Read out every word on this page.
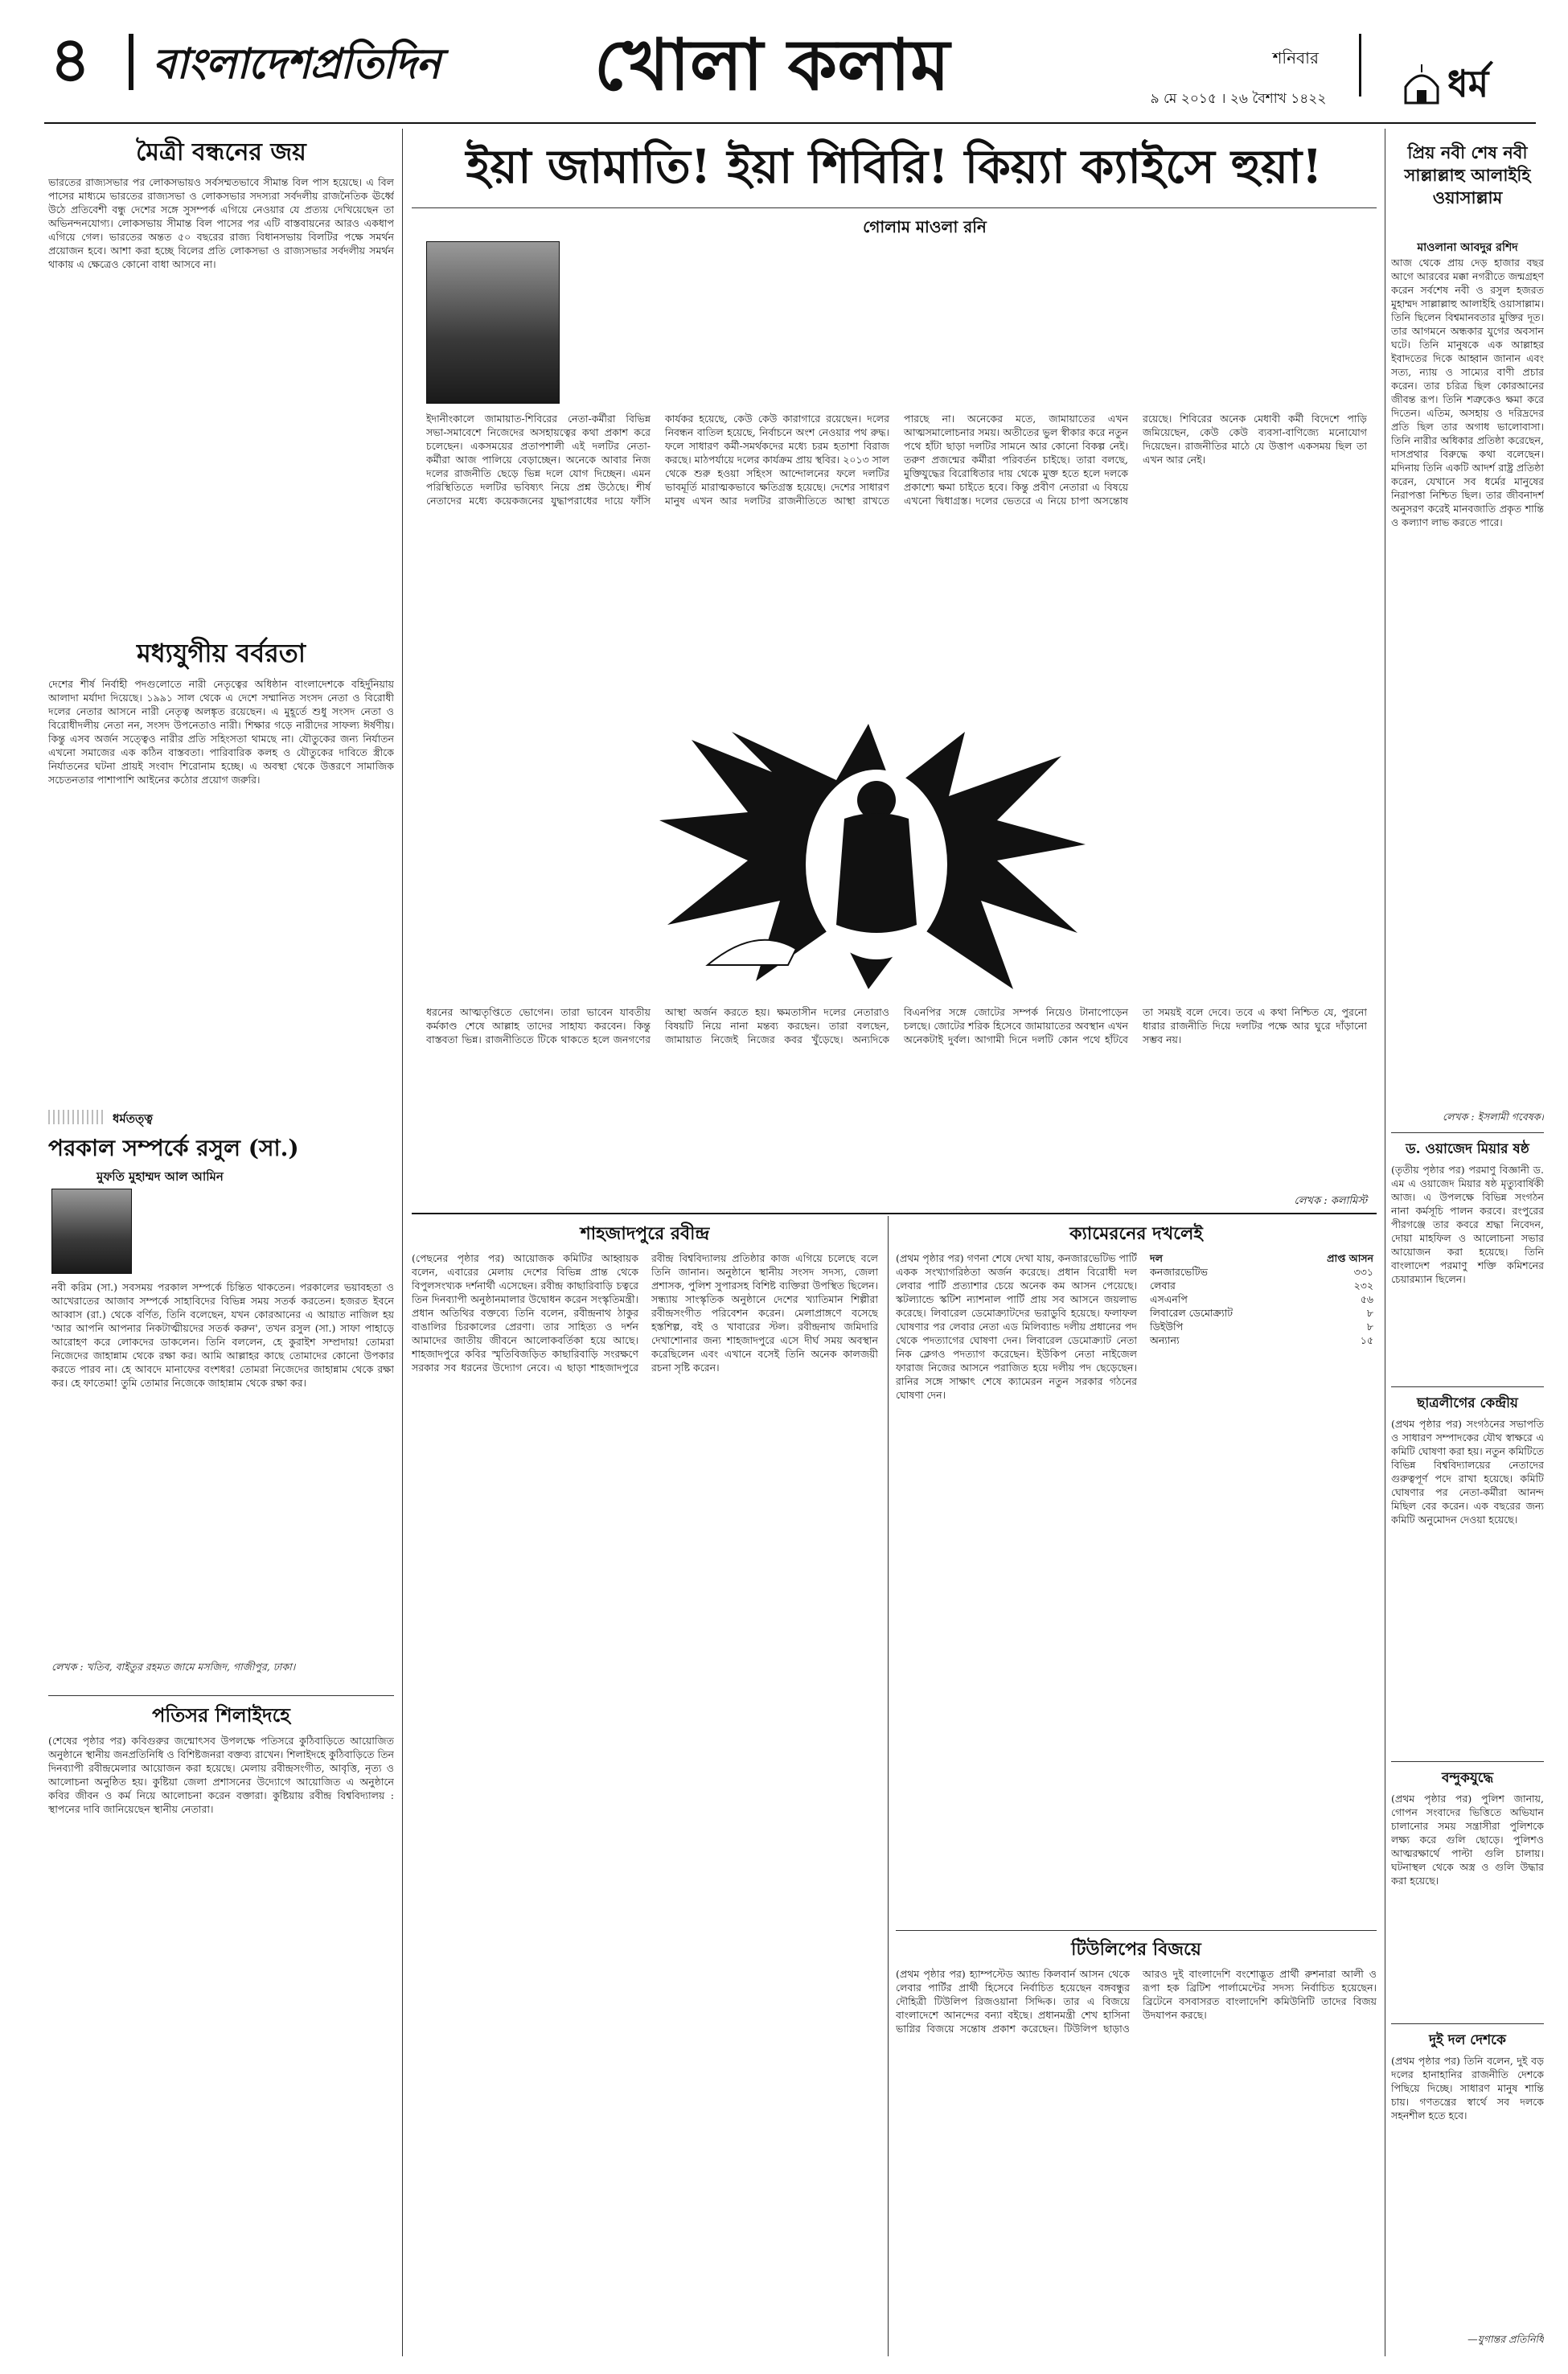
৪ বাংলাদেশপ্রতিদিন	খোলা কলাম	শনিবার
৯ মে ২০১৫ । ২৬ বৈশাখ ১৪২২	ধর্ম
মৈত্রী বন্ধনের জয়
ভারতের রাজ্যসভার পর লোকসভায়ও সর্বসম্মতভাবে সীমান্ত বিল পাস হয়েছে। এ বিল পাসের মাধ্যমে ভারতের রাজ্যসভা ও লোকসভার সদস্যরা সর্বদলীয় রাজনৈতিক ঊর্ধ্বে উঠে প্রতিবেশী বন্ধু দেশের সঙ্গে সুসম্পর্ক এগিয়ে নেওয়ার যে প্রত্যয় দেখিয়েছেন তা অভিনন্দনযোগ্য। লোকসভায় সীমান্ত বিল পাসের পর এটি বাস্তবায়নের আরও একধাপ এগিয়ে গেল। ভারতের অন্তত ৫০ বছরের রাজ্য বিধানসভায় বিলটির পক্ষে সমর্থন প্রয়োজন হবে। আশা করা হচ্ছে বিলের প্রতি লোকসভা ও রাজ্যসভার সর্বদলীয় সমর্থন থাকায় এ ক্ষেত্রেও কোনো বাধা আসবে না।
মধ্যযুগীয় বর্বরতা
দেশের শীর্ষ নির্বাহী পদগুলোতে নারী নেতৃত্বের অধিষ্ঠান বাংলাদেশকে বহির্দুনিয়ায় আলাদা মর্যাদা দিয়েছে। ১৯৯১ সাল থেকে এ দেশে সম্মানিত সংসদ নেতা ও বিরোধী দলের নেতার আসনে নারী নেতৃত্ব অলঙ্কৃত রয়েছেন। এ মুহূর্তে শুধু সংসদ নেতা ও বিরোধীদলীয় নেতা নন, সংসদ উপনেতাও নারী। শিক্ষার গড়ে নারীদের সাফল্য ঈর্ষণীয়। কিন্তু এসব অর্জন সত্ত্বেও নারীর প্রতি সহিংসতা থামছে না। যৌতুকের জন্য নির্যাতন এখনো সমাজের এক কঠিন বাস্তবতা। পারিবারিক কলহ ও যৌতুকের দাবিতে স্ত্রীকে নির্যাতনের ঘটনা প্রায়ই সংবাদ শিরোনাম হচ্ছে। এ অবস্থা থেকে উত্তরণে সামাজিক সচেতনতার পাশাপাশি আইনের কঠোর প্রয়োগ জরুরি।
ধর্মতত্ত্ব
পরকাল সম্পর্কে রসুল (সা.)
মুফতি মুহাম্মদ আল আমিন
নবী করিম (সা.) সবসময় পরকাল সম্পর্কে চিন্তিত থাকতেন। পরকালের ভয়াবহতা ও আখেরাতের আজাব সম্পর্কে সাহাবিদের বিভিন্ন সময় সতর্ক করতেন। হজরত ইবনে আব্বাস (রা.) থেকে বর্ণিত, তিনি বলেছেন, যখন কোরআনের এ আয়াত নাজিল হয় 'আর আপনি আপনার নিকটাত্মীয়দের সতর্ক করুন', তখন রসুল (সা.) সাফা পাহাড়ে আরোহণ করে লোকদের ডাকলেন। তিনি বললেন, হে কুরাইশ সম্প্রদায়! তোমরা নিজেদের জাহান্নাম থেকে রক্ষা কর। আমি আল্লাহর কাছে তোমাদের কোনো উপকার করতে পারব না। হে আবদে মানাফের বংশধর! তোমরা নিজেদের জাহান্নাম থেকে রক্ষা কর। হে ফাতেমা! তুমি তোমার নিজেকে জাহান্নাম থেকে রক্ষা কর।
লেখক : খতিব, বাইতুর রহমত জামে মসজিদ, গাজীপুর, ঢাকা।
পতিসর শিলাইদহে
(শেষের পৃষ্ঠার পর) কবিগুরুর জন্মোৎসব উপলক্ষে পতিসরে কুঠিবাড়িতে আয়োজিত অনুষ্ঠানে স্থানীয় জনপ্রতিনিধি ও বিশিষ্টজনরা বক্তব্য রাখেন। শিলাইদহে কুঠিবাড়িতে তিন দিনব্যাপী রবীন্দ্রমেলার আয়োজন করা হয়েছে। মেলায় রবীন্দ্রসংগীত, আবৃত্তি, নৃত্য ও আলোচনা অনুষ্ঠিত হয়। কুষ্টিয়া জেলা প্রশাসনের উদ্যোগে আয়োজিত এ অনুষ্ঠানে কবির জীবন ও কর্ম নিয়ে আলোচনা করেন বক্তারা। কুষ্টিয়ায় রবীন্দ্র বিশ্ববিদ্যালয় : স্থাপনের দাবি জানিয়েছেন স্থানীয় নেতারা।
ইয়া জামাতি! ইয়া শিবিরি! কিয়্যা ক্যাইসে হুয়া!
গোলাম মাওলা রনি
ইদানীংকালে জামায়াত-শিবিরের নেতা-কর্মীরা বিভিন্ন সভা-সমাবেশে নিজেদের অসহায়ত্বের কথা প্রকাশ করে চলেছেন। একসময়ের প্রতাপশালী এই দলটির নেতা-কর্মীরা আজ পালিয়ে বেড়াচ্ছেন। অনেকে আবার নিজ দলের রাজনীতি ছেড়ে ভিন্ন দলে যোগ দিচ্ছেন। এমন পরিস্থিতিতে দলটির ভবিষ্যৎ নিয়ে প্রশ্ন উঠেছে। শীর্ষ নেতাদের মধ্যে কয়েকজনের যুদ্ধাপরাধের দায়ে ফাঁসি কার্যকর হয়েছে, কেউ কেউ কারাগারে রয়েছেন। দলের নিবন্ধন বাতিল হয়েছে, নির্বাচনে অংশ নেওয়ার পথ রুদ্ধ। ফলে সাধারণ কর্মী-সমর্থকদের মধ্যে চরম হতাশা বিরাজ করছে। মাঠপর্যায়ে দলের কার্যক্রম প্রায় স্থবির। ২০১৩ সাল থেকে শুরু হওয়া সহিংস আন্দোলনের ফলে দলটির ভাবমূর্তি মারাত্মকভাবে ক্ষতিগ্রস্ত হয়েছে। দেশের সাধারণ মানুষ এখন আর দলটির রাজনীতিতে আস্থা রাখতে পারছে না। অনেকের মতে, জামায়াতের এখন আত্মসমালোচনার সময়। অতীতের ভুল স্বীকার করে নতুন পথে হাঁটা ছাড়া দলটির সামনে আর কোনো বিকল্প নেই। তরুণ প্রজন্মের কর্মীরা পরিবর্তন চাইছে। তারা বলছে, মুক্তিযুদ্ধের বিরোধিতার দায় থেকে মুক্ত হতে হলে দলকে প্রকাশ্যে ক্ষমা চাইতে হবে। কিন্তু প্রবীণ নেতারা এ বিষয়ে এখনো দ্বিধাগ্রস্ত। দলের ভেতরে এ নিয়ে চাপা অসন্তোষ রয়েছে। শিবিরের অনেক মেধাবী কর্মী বিদেশে পাড়ি জমিয়েছেন, কেউ কেউ ব্যবসা-বাণিজ্যে মনোযোগ দিয়েছেন। রাজনীতির মাঠে যে উত্তাপ একসময় ছিল তা এখন আর নেই।
ধরনের আত্মতৃপ্তিতে ভোগেন। তারা ভাবেন যাবতীয় কর্মকাণ্ড শেষে আল্লাহ তাদের সাহায্য করবেন। কিন্তু বাস্তবতা ভিন্ন। রাজনীতিতে টিকে থাকতে হলে জনগণের আস্থা অর্জন করতে হয়। ক্ষমতাসীন দলের নেতারাও বিষয়টি নিয়ে নানা মন্তব্য করছেন। তারা বলছেন, জামায়াত নিজেই নিজের কবর খুঁড়েছে। অন্যদিকে বিএনপির সঙ্গে জোটের সম্পর্ক নিয়েও টানাপোড়েন চলছে। জোটের শরিক হিসেবে জামায়াতের অবস্থান এখন অনেকটাই দুর্বল। আগামী দিনে দলটি কোন পথে হাঁটবে তা সময়ই বলে দেবে। তবে এ কথা নিশ্চিত যে, পুরনো ধারার রাজনীতি দিয়ে দলটির পক্ষে আর ঘুরে দাঁড়ানো সম্ভব নয়।
লেখক : কলামিস্ট
শাহজাদপুরে রবীন্দ্র
(পেছনের পৃষ্ঠার পর) আয়োজক কমিটির আহ্বায়ক বলেন, এবারের মেলায় দেশের বিভিন্ন প্রান্ত থেকে বিপুলসংখ্যক দর্শনার্থী এসেছেন। রবীন্দ্র কাছারিবাড়ি চত্বরে তিন দিনব্যাপী অনুষ্ঠানমালার উদ্বোধন করেন সংস্কৃতিমন্ত্রী। প্রধান অতিথির বক্তব্যে তিনি বলেন, রবীন্দ্রনাথ ঠাকুর বাঙালির চিরকালের প্রেরণা। তার সাহিত্য ও দর্শন আমাদের জাতীয় জীবনে আলোকবর্তিকা হয়ে আছে। শাহজাদপুরে কবির স্মৃতিবিজড়িত কাছারিবাড়ি সংরক্ষণে সরকার সব ধরনের উদ্যোগ নেবে। এ ছাড়া শাহজাদপুরে রবীন্দ্র বিশ্ববিদ্যালয় প্রতিষ্ঠার কাজ এগিয়ে চলেছে বলে তিনি জানান। অনুষ্ঠানে স্থানীয় সংসদ সদস্য, জেলা প্রশাসক, পুলিশ সুপারসহ বিশিষ্ট ব্যক্তিরা উপস্থিত ছিলেন। সন্ধ্যায় সাংস্কৃতিক অনুষ্ঠানে দেশের খ্যাতিমান শিল্পীরা রবীন্দ্রসংগীত পরিবেশন করেন। মেলাপ্রাঙ্গণে বসেছে হস্তশিল্প, বই ও খাবারের স্টল। রবীন্দ্রনাথ জমিদারি দেখাশোনার জন্য শাহজাদপুরে এসে দীর্ঘ সময় অবস্থান করেছিলেন এবং এখানে বসেই তিনি অনেক কালজয়ী রচনা সৃষ্টি করেন।
ক্যামেরনের দখলেই
(প্রথম পৃষ্ঠার পর) গণনা শেষে দেখা যায়, কনজারভেটিভ পার্টি একক সংখ্যাগরিষ্ঠতা অর্জন করেছে। প্রধান বিরোধী দল লেবার পার্টি প্রত্যাশার চেয়ে অনেক কম আসন পেয়েছে। স্কটল্যান্ডে স্কটিশ ন্যাশনাল পার্টি প্রায় সব আসনে জয়লাভ করেছে। লিবারেল ডেমোক্র্যাটদের ভরাডুবি হয়েছে। ফলাফল ঘোষণার পর লেবার নেতা এড মিলিব্যান্ড দলীয় প্রধানের পদ থেকে পদত্যাগের ঘোষণা দেন। লিবারেল ডেমোক্র্যাট নেতা নিক ক্লেগও পদত্যাগ করেছেন। ইউকিপ নেতা নাইজেল ফারাজ নিজের আসনে পরাজিত হয়ে দলীয় পদ ছেড়েছেন। রানির সঙ্গে সাক্ষাৎ শেষে ক্যামেরন নতুন সরকার গঠনের ঘোষণা দেন।
দল	প্রাপ্ত আসন
কনজারভেটিভ	৩৩১
লেবার	২৩২
এসএনপি	৫৬
লিবারেল ডেমোক্র্যাট	৮
ডিইউপি	৮
অন্যান্য	১৫
টিউলিপের বিজয়ে
(প্রথম পৃষ্ঠার পর) হ্যাম্পস্টেড অ্যান্ড কিলবার্ন আসন থেকে লেবার পার্টির প্রার্থী হিসেবে নির্বাচিত হয়েছেন বঙ্গবন্ধুর দৌহিত্রী টিউলিপ রিজওয়ানা সিদ্দিক। তার এ বিজয়ে বাংলাদেশে আনন্দের বন্যা বইছে। প্রধানমন্ত্রী শেখ হাসিনা ভাগ্নির বিজয়ে সন্তোষ প্রকাশ করেছেন। টিউলিপ ছাড়াও আরও দুই বাংলাদেশি বংশোদ্ভূত প্রার্থী রুশনারা আলী ও রূপা হক ব্রিটিশ পার্লামেন্টের সদস্য নির্বাচিত হয়েছেন। ব্রিটেনে বসবাসরত বাংলাদেশি কমিউনিটি তাদের বিজয় উদযাপন করছে।
প্রিয় নবী শেষ নবী সাল্লাল্লাহু আলাইহি ওয়াসাল্লাম
মাওলানা আবদুর রশিদ
আজ থেকে প্রায় দেড় হাজার বছর আগে আরবের মক্কা নগরীতে জন্মগ্রহণ করেন সর্বশেষ নবী ও রসুল হজরত মুহাম্মদ সাল্লাল্লাহু আলাইহি ওয়াসাল্লাম। তিনি ছিলেন বিশ্বমানবতার মুক্তির দূত। তার আগমনে অন্ধকার যুগের অবসান ঘটে। তিনি মানুষকে এক আল্লাহর ইবাদতের দিকে আহ্বান জানান এবং সত্য, ন্যায় ও সাম্যের বাণী প্রচার করেন। তার চরিত্র ছিল কোরআনের জীবন্ত রূপ। তিনি শত্রুকেও ক্ষমা করে দিতেন। এতিম, অসহায় ও দরিদ্রদের প্রতি ছিল তার অগাধ ভালোবাসা। তিনি নারীর অধিকার প্রতিষ্ঠা করেছেন, দাসপ্রথার বিরুদ্ধে কথা বলেছেন। মদিনায় তিনি একটি আদর্শ রাষ্ট্র প্রতিষ্ঠা করেন, যেখানে সব ধর্মের মানুষের নিরাপত্তা নিশ্চিত ছিল। তার জীবনাদর্শ অনুসরণ করেই মানবজাতি প্রকৃত শান্তি ও কল্যাণ লাভ করতে পারে।
লেখক : ইসলামী গবেষক।
ড. ওয়াজেদ মিয়ার ষষ্ঠ
(তৃতীয় পৃষ্ঠার পর) পরমাণু বিজ্ঞানী ড. এম এ ওয়াজেদ মিয়ার ষষ্ঠ মৃত্যুবার্ষিকী আজ। এ উপলক্ষে বিভিন্ন সংগঠন নানা কর্মসূচি পালন করবে। রংপুরের পীরগঞ্জে তার কবরে শ্রদ্ধা নিবেদন, দোয়া মাহফিল ও আলোচনা সভার আয়োজন করা হয়েছে। তিনি বাংলাদেশ পরমাণু শক্তি কমিশনের চেয়ারম্যান ছিলেন।
ছাত্রলীগের কেন্দ্রীয়
(প্রথম পৃষ্ঠার পর) সংগঠনের সভাপতি ও সাধারণ সম্পাদকের যৌথ স্বাক্ষরে এ কমিটি ঘোষণা করা হয়। নতুন কমিটিতে বিভিন্ন বিশ্ববিদ্যালয়ের নেতাদের গুরুত্বপূর্ণ পদে রাখা হয়েছে। কমিটি ঘোষণার পর নেতা-কর্মীরা আনন্দ মিছিল বের করেন। এক বছরের জন্য কমিটি অনুমোদন দেওয়া হয়েছে।
বন্দুকযুদ্ধে
(প্রথম পৃষ্ঠার পর) পুলিশ জানায়, গোপন সংবাদের ভিত্তিতে অভিযান চালানোর সময় সন্ত্রাসীরা পুলিশকে লক্ষ্য করে গুলি ছোড়ে। পুলিশও আত্মরক্ষার্থে পাল্টা গুলি চালায়। ঘটনাস্থল থেকে অস্ত্র ও গুলি উদ্ধার করা হয়েছে।
দুই দল দেশকে
(প্রথম পৃষ্ঠার পর) তিনি বলেন, দুই বড় দলের হানাহানির রাজনীতি দেশকে পিছিয়ে দিচ্ছে। সাধারণ মানুষ শান্তি চায়। গণতন্ত্রের স্বার্থে সব দলকে সহনশীল হতে হবে।
—যুগান্তর প্রতিনিধি
